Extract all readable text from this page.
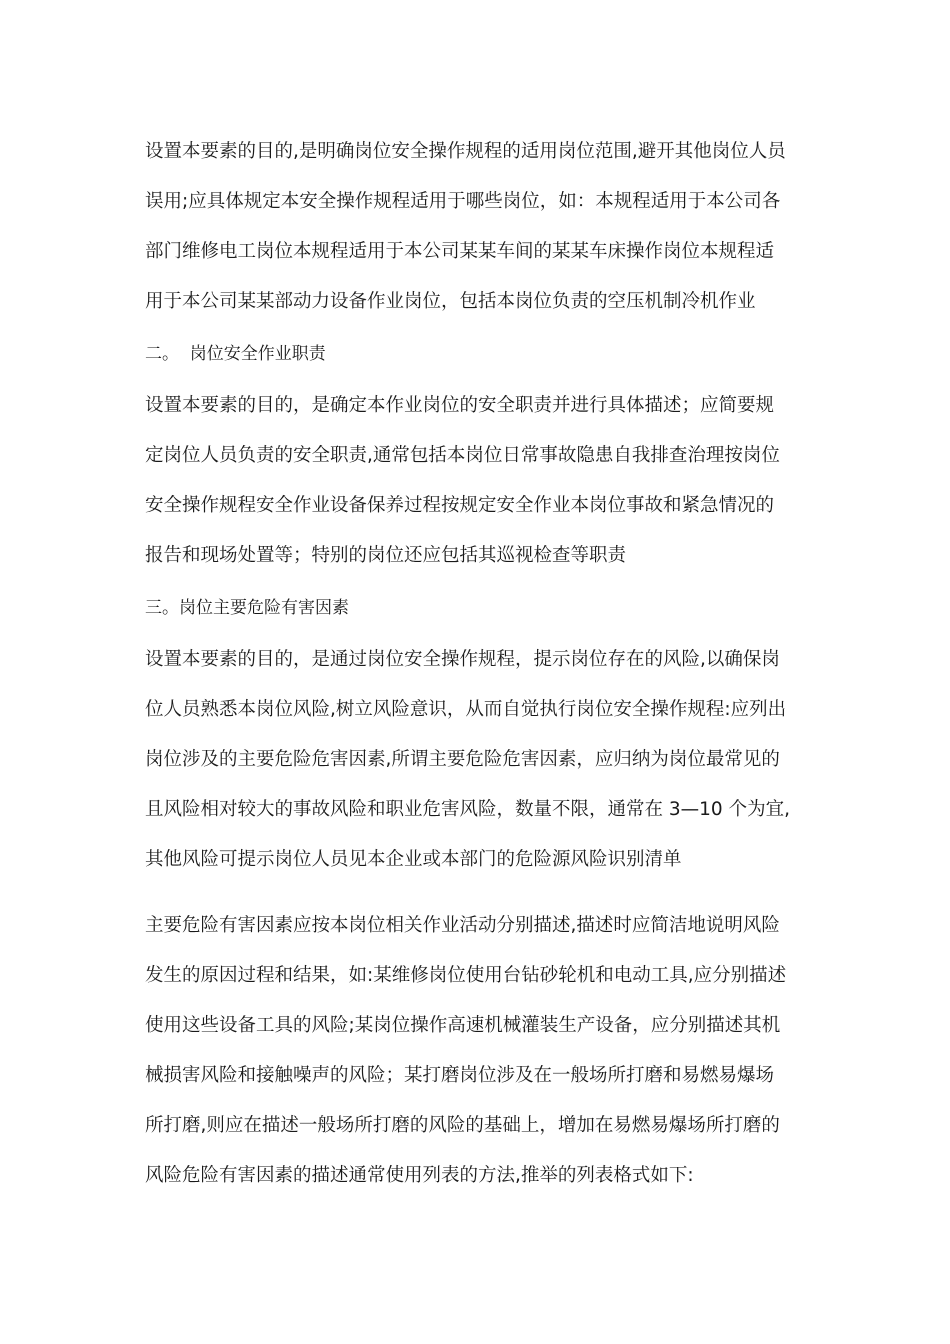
设置本要素的目的,是明确岗位安全操作规程的适用岗位范围,避开其他岗位人员
误用;应具体规定本安全操作规程适用于哪些岗位，如：本规程适用于本公司各
部门维修电工岗位本规程适用于本公司某某车间的某某车床操作岗位本规程适
用于本公司某某部动力设备作业岗位，包括本岗位负责的空压机制冷机作业
二。  岗位安全作业职责
设置本要素的目的，是确定本作业岗位的安全职责并进行具体描述；应简要规
定岗位人员负责的安全职责,通常包括本岗位日常事故隐患自我排查治理按岗位
安全操作规程安全作业设备保养过程按规定安全作业本岗位事故和紧急情况的
报告和现场处置等；特别的岗位还应包括其巡视检查等职责
三。岗位主要危险有害因素
设置本要素的目的，是通过岗位安全操作规程，提示岗位存在的风险,以确保岗
位人员熟悉本岗位风险,树立风险意识，从而自觉执行岗位安全操作规程:应列出
岗位涉及的主要危险危害因素,所谓主要危险危害因素，应归纳为岗位最常见的
且风险相对较大的事故风险和职业危害风险，数量不限，通常在 3—10 个为宜,
其他风险可提示岗位人员见本企业或本部门的危险源风险识别清单
主要危险有害因素应按本岗位相关作业活动分别描述,描述时应简洁地说明风险
发生的原因过程和结果，如:某维修岗位使用台钻砂轮机和电动工具,应分别描述
使用这些设备工具的风险;某岗位操作高速机械灌装生产设备，应分别描述其机
械损害风险和接触噪声的风险；某打磨岗位涉及在一般场所打磨和易燃易爆场
所打磨,则应在描述一般场所打磨的风险的基础上，增加在易燃易爆场所打磨的
风险危险有害因素的描述通常使用列表的方法,推举的列表格式如下:
